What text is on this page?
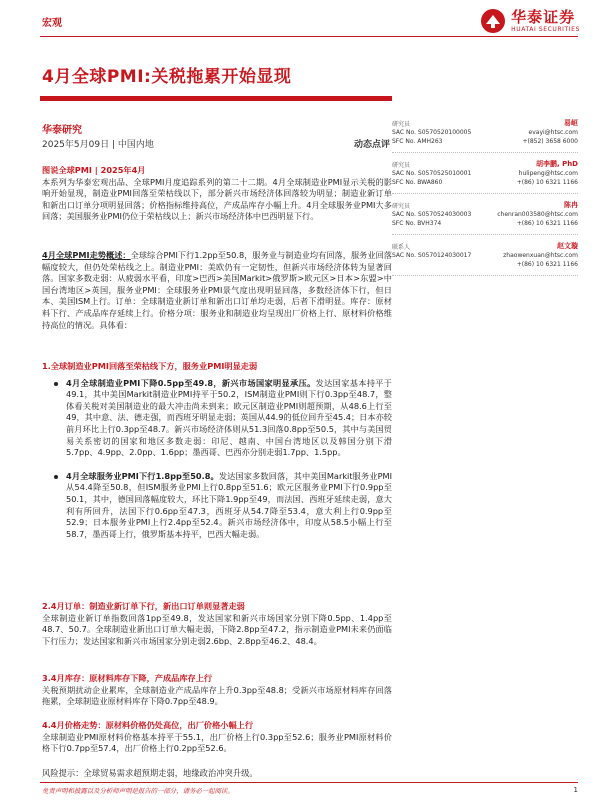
宏观	华泰证券
HUATAI SECURITIES
4月全球PMI:关税拖累开始显现
华泰研究
2025年5月09日 | 中国内地	动态点评

图说全球PMI | 2025年4月

本系列为华泰宏观出品、全球PMI月度追踪系列的第二十二期。4月全球制造业PMI显示关税的影响开始显现，制造业PMI回落至荣枯线以下，部分新兴市场经济体回落较为明显；制造业新订单和新出口订单分项明显回落；价格指标维持高位，产成品库存小幅上升。4月全球服务业PMI大多回落；美国服务业PMI仍位于荣枯线以上；新兴市场经济体中巴西明显下行。

4月全球PMI走势概述：全球综合PMI下行1.2pp至50.8，服务业与制造业均有回落，服务业回落幅度较大，但仍处荣枯线之上。制造业PMI：美欧仍有一定韧性，但新兴市场经济体转为显著回落。国家多数走弱：从疲弱水平看，印度>巴西>美国Markit>俄罗斯>欧元区>日本>东盟>中国台湾地区>英国，服务业PMI：全球服务业PMI景气度出现明显回落，多数经济体下行，但日本、美国ISM上行。订单：全球制造业新订单和新出口订单均走弱，后者下滑明显。库存：原材料下行、产成品库存延续上行。价格分项：服务业和制造业均呈现出厂价格上行、原材料价格维持高位的情况。具体看：

1.全球制造业PMI回落至荣枯线下方，服务业PMI明显走弱

4月全球制造业PMI下降0.5pp至49.8，新兴市场国家明显承压。发达国家基本持平于49.1，其中美国Markit制造业PMI持平于50.2，ISM制造业PMI则下行0.3pp至48.7，整体看关税对美国制造业的最大冲击尚未到来；欧元区制造业PMI则超预期，从48.6上行至49，其中意、法、德走强，而西班牙明显走弱；英国从44.9的低位回升至45.4；日本亦较前月环比上行0.3pp至48.7。新兴市场经济体则从51.3回落0.8pp至50.5，其中与美国贸易关系密切的国家和地区多数走弱：印尼、越南、中国台湾地区以及韩国分别下滑5.7pp、4.9pp、2.0pp、1.6pp；墨西哥、巴西亦分别走弱1.7pp、1.5pp。

4月全球服务业PMI下行1.8pp至50.8。发达国家多数回落，其中美国Markit服务业PMI从54.4降至50.8，但ISM服务业PMI上行0.8pp至51.6；欧元区服务业PMI下行0.9pp至50.1，其中，德国回落幅度较大，环比下降1.9pp至49，而法国、西班牙延续走弱，意大利有所回升，法国下行0.6pp至47.3，西班牙从54.7降至53.4，意大利上行0.9pp至52.9；日本服务业PMI上行2.4pp至52.4。新兴市场经济体中，印度从58.5小幅上行至58.7，墨西哥上行，俄罗斯基本持平，巴西大幅走弱。

2.4月订单：制造业新订单下行，新出口订单则显著走弱

全球制造业新订单指数回落1pp至49.8，发达国家和新兴市场国家分别下降0.5pp、1.4pp至48.7、50.7。全球制造业新出口订单大幅走弱，下降2.8pp至47.2，指示制造业PMI未来仍面临下行压力；发达国家和新兴市场国家分别走弱2.6bp、2.8pp至46.2、48.4。

3.4月库存：原材料库存下降，产成品库存上行

关税预期扰动企业累库，全球制造业产成品库存上升0.3pp至48.8；受新兴市场原材料库存回落拖累，全球制造业原材料库存下降0.7pp至48.9。

4.4月价格走势：原材料价格仍处高位，出厂价格小幅上行

全球制造业PMI原材料价格基本持平于55.1，出厂价格上行0.3pp至52.6；服务业PMI原材料价格下行0.7pp至57.4，出厂价格上行0.2pp至52.6。

风险提示：全球贸易需求超预期走弱，地缘政治冲突升级。
研究员	易峘
SAC No. S0570520100005	evayi@htsc.com
SFC No. AMH263	+(852) 3658 6000
研究员	胡李鹏, PhD
SAC No. S0570525010001	hulipeng@htsc.com
SFC No. BWA860	+(86) 10 6321 1166
研究员	陈冉
SAC No. S0570524030003	chenran003580@htsc.com
SFC No. BVH374	+(86) 10 6321 1166
联系人	赵文璇
SAC No. S0570124030017	zhaowenxuan@htsc.com
+(86) 10 6321 1166
免责声明和披露以及分析师声明是报告的一部分，请务必一起阅读。	1
